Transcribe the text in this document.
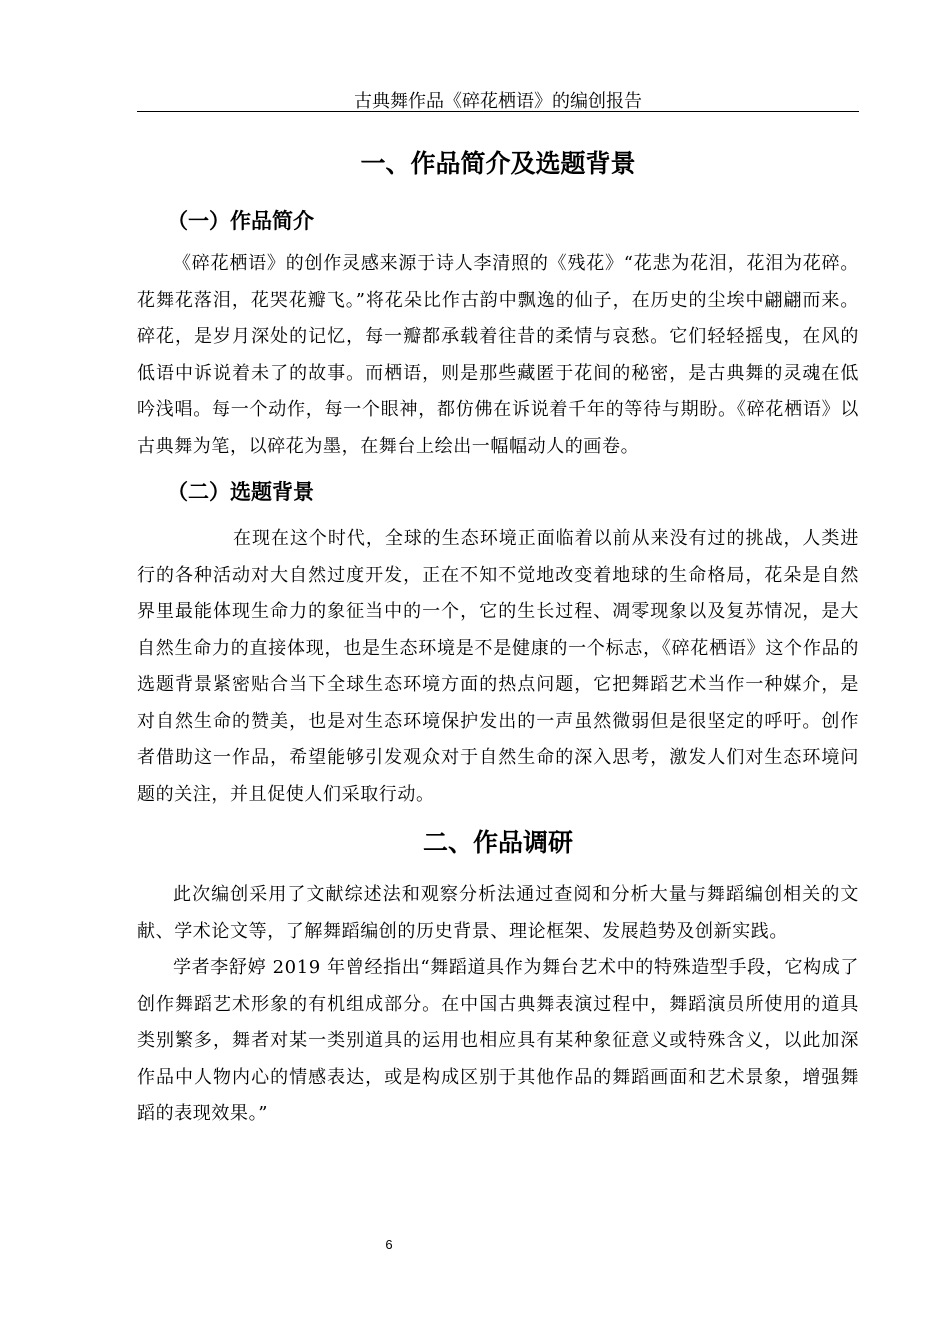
古典舞作品《碎花栖语》的编创报告
一、作品简介及选题背景
（一）作品简介

《碎花栖语》的创作灵感来源于诗人李清照的《残花》“花悲为花泪，花泪为花碎。花舞花落泪，花哭花瓣飞。”将花朵比作古韵中飘逸的仙子，在历史的尘埃中翩翩而来。碎花，是岁月深处的记忆，每一瓣都承载着往昔的柔情与哀愁。它们轻轻摇曳，在风的低语中诉说着未了的故事。而栖语，则是那些藏匿于花间的秘密，是古典舞的灵魂在低吟浅唱。每一个动作，每一个眼神，都仿佛在诉说着千年的等待与期盼。《碎花栖语》以古典舞为笔，以碎花为墨，在舞台上绘出一幅幅动人的画卷。

（二）选题背景

在现在这个时代，全球的生态环境正面临着以前从来没有过的挑战，人类进行的各种活动对大自然过度开发，正在不知不觉地改变着地球的生命格局，花朵是自然界里最能体现生命力的象征当中的一个，它的生长过程、凋零现象以及复苏情况，是大自然生命力的直接体现，也是生态环境是不是健康的一个标志，《碎花栖语》这个作品的选题背景紧密贴合当下全球生态环境方面的热点问题，它把舞蹈艺术当作一种媒介，是对自然生命的赞美，也是对生态环境保护发出的一声虽然微弱但是很坚定的呼吁。创作者借助这一作品，希望能够引发观众对于自然生命的深入思考，激发人们对生态环境问题的关注，并且促使人们采取行动。

二、作品调研

此次编创采用了文献综述法和观察分析法通过查阅和分析大量与舞蹈编创相关的文献、学术论文等，了解舞蹈编创的历史背景、理论框架、发展趋势及创新实践。

学者李舒婷 2019 年曾经指出“舞蹈道具作为舞台艺术中的特殊造型手段，它构成了创作舞蹈艺术形象的有机组成部分。在中国古典舞表演过程中，舞蹈演员所使用的道具类别繁多，舞者对某一类别道具的运用也相应具有某种象征意义或特殊含义，以此加深作品中人物内心的情感表达，或是构成区别于其他作品的舞蹈画面和艺术景象，增强舞蹈的表现效果。”

6
